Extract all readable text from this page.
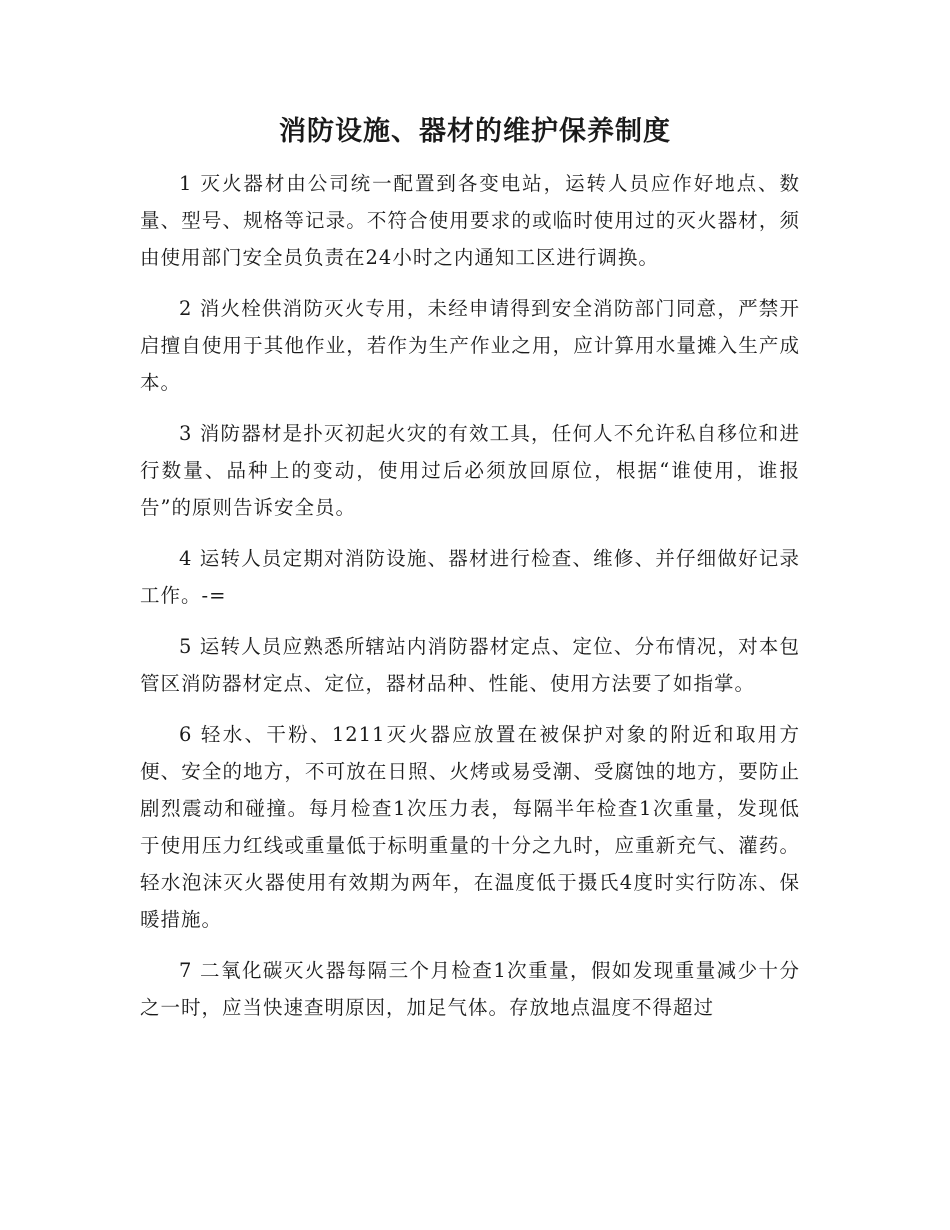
消防设施、器材的维护保养制度

1 灭火器材由公司统一配置到各变电站，运转人员应作好地点、数量、型号、规格等记录。不符合使用要求的或临时使用过的灭火器材，须由使用部门安全员负责在24小时之内通知工区进行调换。

2 消火栓供消防灭火专用，未经申请得到安全消防部门同意，严禁开启擅自使用于其他作业，若作为生产作业之用，应计算用水量摊入生产成本。

3 消防器材是扑灭初起火灾的有效工具，任何人不允许私自移位和进行数量、品种上的变动，使用过后必须放回原位，根据“谁使用，谁报告”的原则告诉安全员。

4 运转人员定期对消防设施、器材进行检查、维修、并仔细做好记录工作。-=

5 运转人员应熟悉所辖站内消防器材定点、定位、分布情况，对本包管区消防器材定点、定位，器材品种、性能、使用方法要了如指掌。

6 轻水、干粉、1211灭火器应放置在被保护对象的附近和取用方便、安全的地方，不可放在日照、火烤或易受潮、受腐蚀的地方，要防止剧烈震动和碰撞。每月检查1次压力表，每隔半年检查1次重量，发现低于使用压力红线或重量低于标明重量的十分之九时，应重新充气、灌药。轻水泡沫灭火器使用有效期为两年，在温度低于摄氏4度时实行防冻、保暖措施。

7 二氧化碳灭火器每隔三个月检查1次重量，假如发现重量减少十分之一时，应当快速查明原因，加足气体。存放地点温度不得超过
